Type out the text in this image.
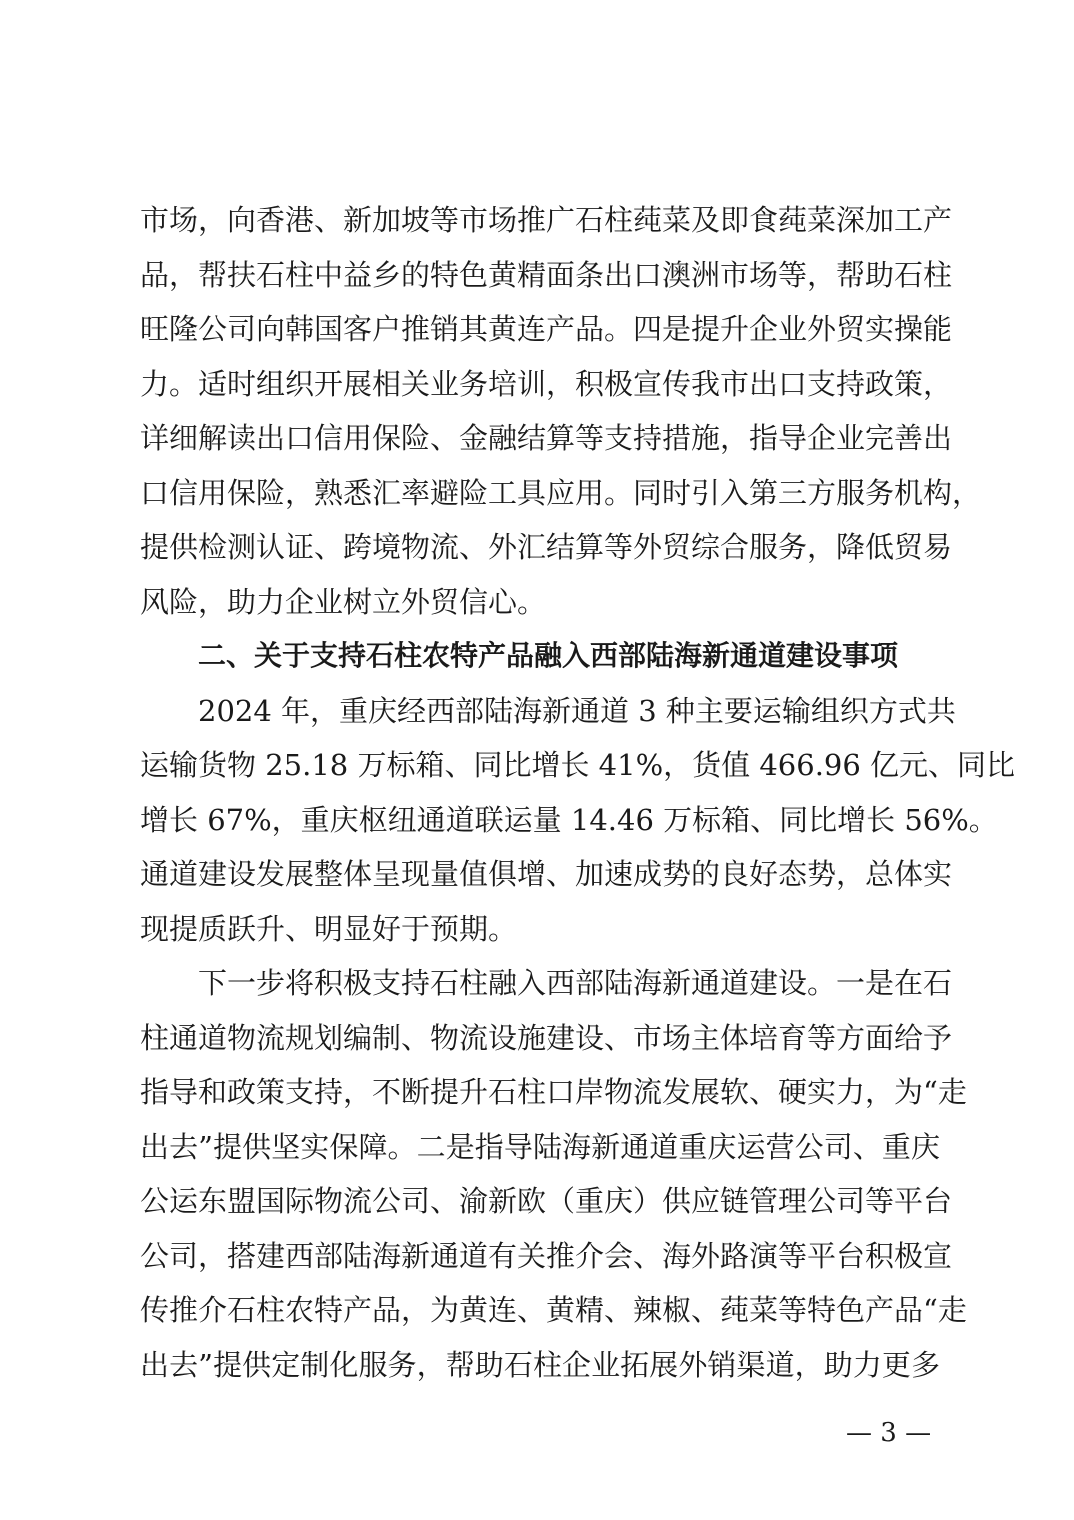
市场，向香港、新加坡等市场推广石柱莼菜及即食莼菜深加工产
品，帮扶石柱中益乡的特色黄精面条出口澳洲市场等，帮助石柱
旺隆公司向韩国客户推销其黄连产品。四是提升企业外贸实操能
力。适时组织开展相关业务培训，积极宣传我市出口支持政策，
详细解读出口信用保险、金融结算等支持措施，指导企业完善出
口信用保险，熟悉汇率避险工具应用。同时引入第三方服务机构，
提供检测认证、跨境物流、外汇结算等外贸综合服务，降低贸易
风险，助力企业树立外贸信心。
二、关于支持石柱农特产品融入西部陆海新通道建设事项
2024 年，重庆经西部陆海新通道 3 种主要运输组织方式共
运输货物 25.18 万标箱、同比增长 41%，货值 466.96 亿元、同比
增长 67%，重庆枢纽通道联运量 14.46 万标箱、同比增长 56%。
通道建设发展整体呈现量值俱增、加速成势的良好态势，总体实
现提质跃升、明显好于预期。
下一步将积极支持石柱融入西部陆海新通道建设。一是在石
柱通道物流规划编制、物流设施建设、市场主体培育等方面给予
指导和政策支持，不断提升石柱口岸物流发展软、硬实力，为“走
出去”提供坚实保障。二是指导陆海新通道重庆运营公司、重庆
公运东盟国际物流公司、渝新欧（重庆）供应链管理公司等平台
公司，搭建西部陆海新通道有关推介会、海外路演等平台积极宣
传推介石柱农特产品，为黄连、黄精、辣椒、莼菜等特色产品“走
出去”提供定制化服务，帮助石柱企业拓展外销渠道，助力更多
— 3 —
